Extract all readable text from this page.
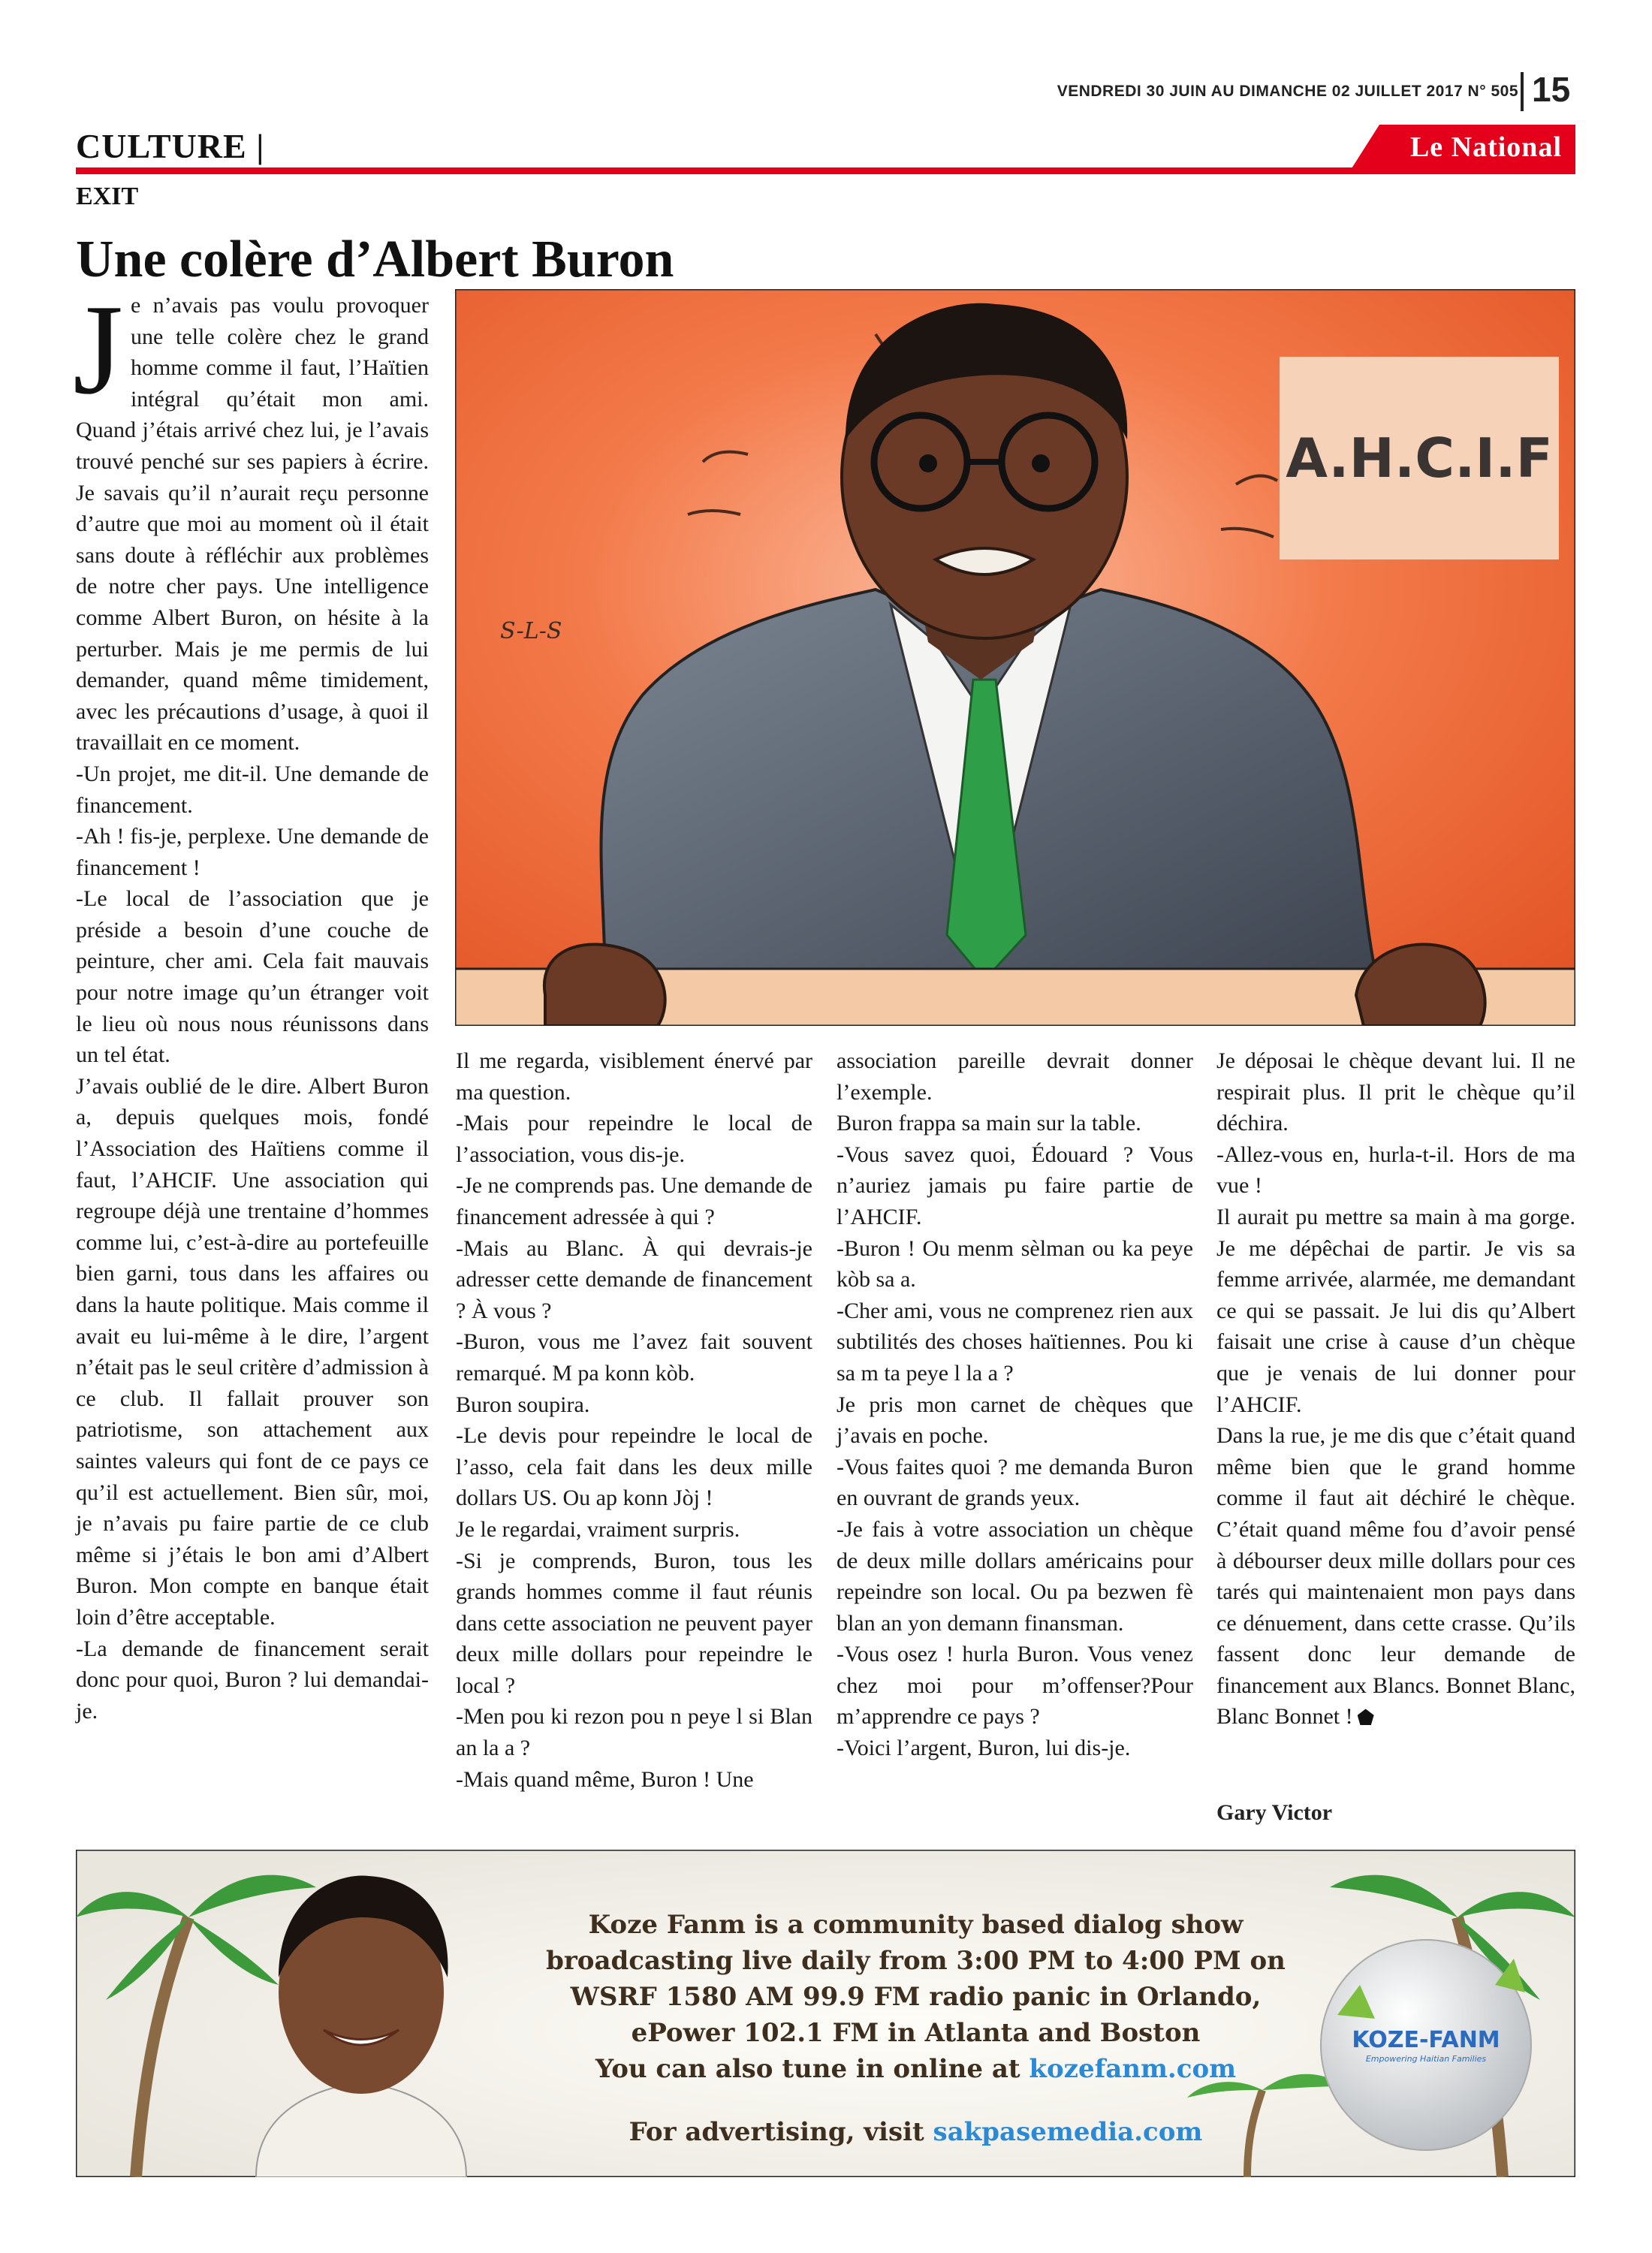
VENDREDI 30 JUIN AU DIMANCHE 02 JUILLET 2017 N° 505 15
CULTURE |	Le National
EXIT
Une colère d’Albert Buron

Je n’avais pas voulu provoquer une telle colère chez le grand homme comme il faut, l’Haïtien intégral qu’était mon ami. Quand j’étais arrivé chez lui, je l’avais trouvé penché sur ses papiers à écrire. Je savais qu’il n’aurait reçu personne d’autre que moi au moment où il était sans doute à réfléchir aux problèmes de notre cher pays. Une intelligence comme Albert Buron, on hésite à la perturber. Mais je me permis de lui demander, quand même timidement, avec les précautions d’usage, à quoi il travaillait en ce moment.

-Un projet, me dit-il. Une demande de financement.

-Ah ! fis-je, perplexe. Une demande de financement !

-Le local de l’association que je préside a besoin d’une couche de peinture, cher ami. Cela fait mauvais pour notre image qu’un étranger voit le lieu où nous nous réunissons dans un tel état.

J’avais oublié de le dire. Albert Buron a, depuis quelques mois, fondé l’Association des Haïtiens comme il faut, l’AHCIF. Une association qui regroupe déjà une trentaine d’hommes comme lui, c’est-à-dire au portefeuille bien garni, tous dans les affaires ou dans la haute politique. Mais comme il avait eu lui-même à le dire, l’argent n’était pas le seul critère d’admission à ce club. Il fallait prouver son patriotisme, son attachement aux saintes valeurs qui font de ce pays ce qu’il est actuellement. Bien sûr, moi, je n’avais pu faire partie de ce club même si j’étais le bon ami d’Albert Buron. Mon compte en banque était loin d’être acceptable.

-La demande de financement serait donc pour quoi, Buron ? lui demandai-je.

A.H.C.I.F
S-L-S

Il me regarda, visiblement énervé par ma question.

-Mais pour repeindre le local de l’association, vous dis-je.

-Je ne comprends pas. Une demande de financement adressée à qui ?

-Mais au Blanc. À qui devrais-je adresser cette demande de financement ? À vous ?

-Buron, vous me l’avez fait souvent remarqué. M pa konn kòb.

Buron soupira.

-Le devis pour repeindre le local de l’asso, cela fait dans les deux mille dollars US. Ou ap konn Jòj !

Je le regardai, vraiment surpris.

-Si je comprends, Buron, tous les grands hommes comme il faut réunis dans cette association ne peuvent payer deux mille dollars pour repeindre le local ?

-Men pou ki rezon pou n peye l si Blan an la a ?

-Mais quand même, Buron ! Une

association pareille devrait donner l’exemple.

Buron frappa sa main sur la table.

-Vous savez quoi, Édouard ? Vous n’auriez jamais pu faire partie de l’AHCIF.

-Buron ! Ou menm sèlman ou ka peye kòb sa a.

-Cher ami, vous ne comprenez rien aux subtilités des choses haïtiennes. Pou ki sa m ta peye l la a ?

Je pris mon carnet de chèques que j’avais en poche.

-Vous faites quoi ? me demanda Buron en ouvrant de grands yeux.

-Je fais à votre association un chèque de deux mille dollars américains pour repeindre son local. Ou pa bezwen fè blan an yon demann finansman.

-Vous osez ! hurla Buron. Vous venez chez moi pour m’offenser?Pour m’apprendre ce pays ?

-Voici l’argent, Buron, lui dis-je.

Je déposai le chèque devant lui. Il ne respirait plus. Il prit le chèque qu’il déchira.

-Allez-vous en, hurla-t-il. Hors de ma vue !

Il aurait pu mettre sa main à ma gorge. Je me dépêchai de partir. Je vis sa femme arrivée, alarmée, me demandant ce qui se passait. Je lui dis qu’Albert faisait une crise à cause d’un chèque que je venais de lui donner pour l’AHCIF.

Dans la rue, je me dis que c’était quand même bien que le grand homme comme il faut ait déchiré le chèque. C’était quand même fou d’avoir pensé à débourser deux mille dollars pour ces tarés qui maintenaient mon pays dans ce dénuement, dans cette crasse. Qu’ils fassent donc leur demande de financement aux Blancs. Bonnet Blanc, Blanc Bonnet !

Gary Victor
Koze Fanm is a community based dialog show
broadcasting live daily from 3:00 PM to 4:00 PM on
WSRF 1580 AM 99.9 FM radio panic in Orlando,
ePower 102.1 FM in Atlanta and Boston
You can also tune in online at kozefanm.com
For advertising, visit sakpasemedia.com
KOZE-FANM
Empowering Haitian Families
